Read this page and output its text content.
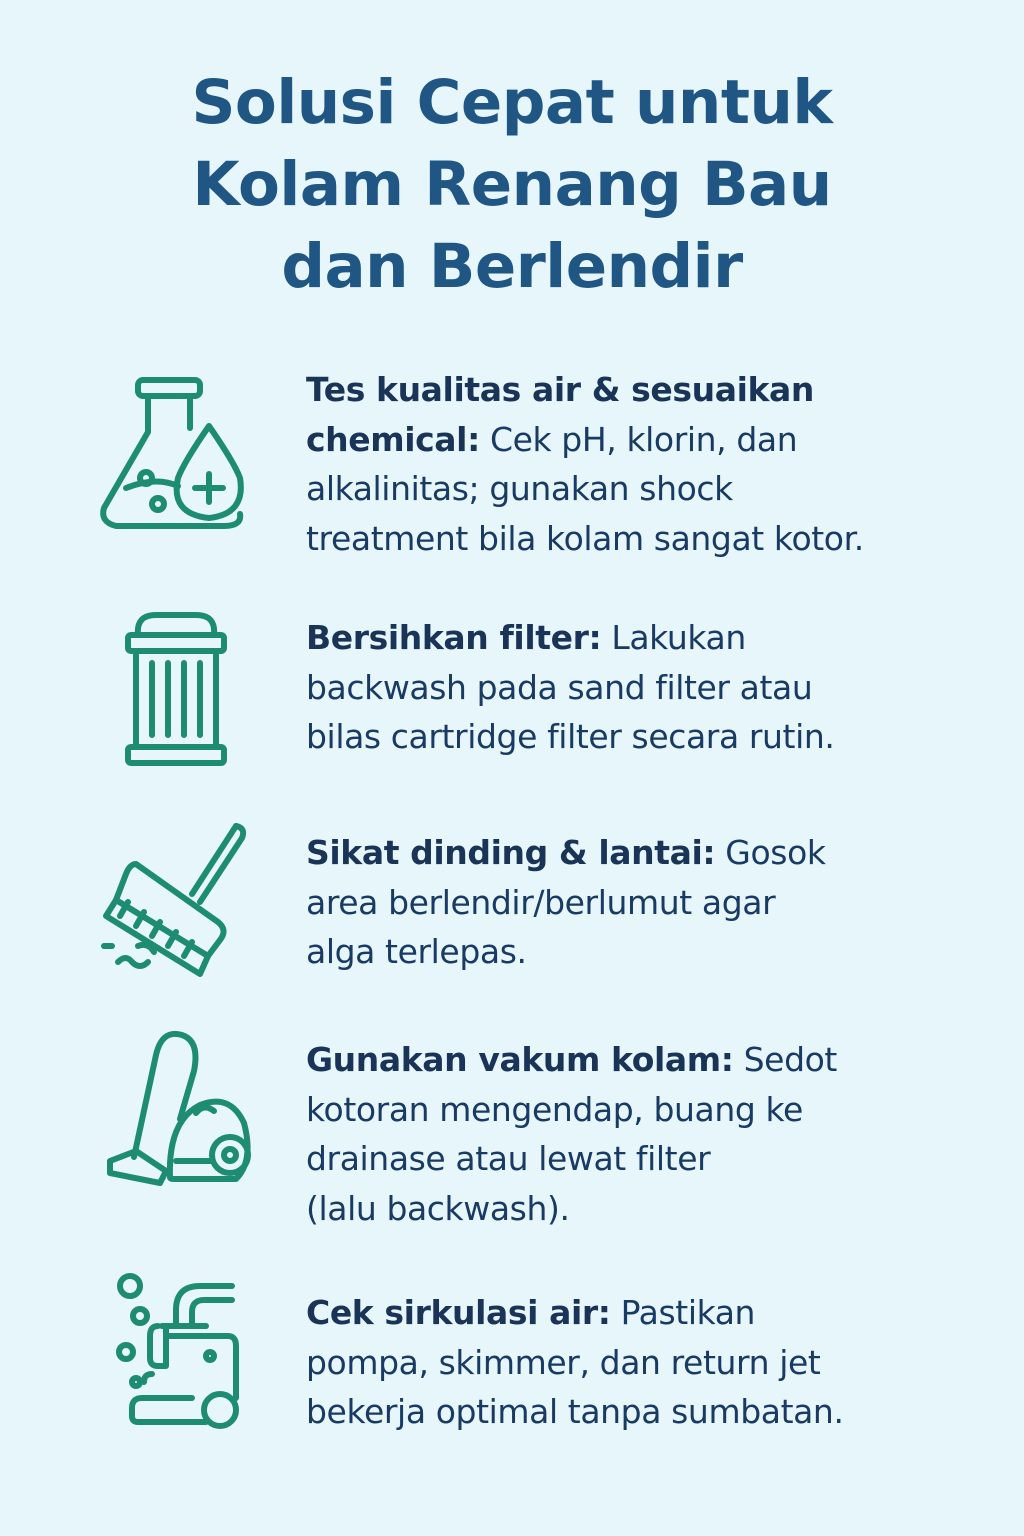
Solusi Cepat untuk
Kolam Renang Bau
dan Berlendir
Tes kualitas air & sesuaikan
chemical: Cek pH, klorin, dan
alkalinitas; gunakan shock
treatment bila kolam sangat kotor.
Bersihkan filter: Lakukan
backwash pada sand filter atau
bilas cartridge filter secara rutin.
Sikat dinding & lantai: Gosok
area berlendir/berlumut agar
alga terlepas.
Gunakan vakum kolam: Sedot
kotoran mengendap, buang ke
drainase atau lewat filter
(lalu backwash).
Cek sirkulasi air: Pastikan
pompa, skimmer, dan return jet
bekerja optimal tanpa sumbatan.
